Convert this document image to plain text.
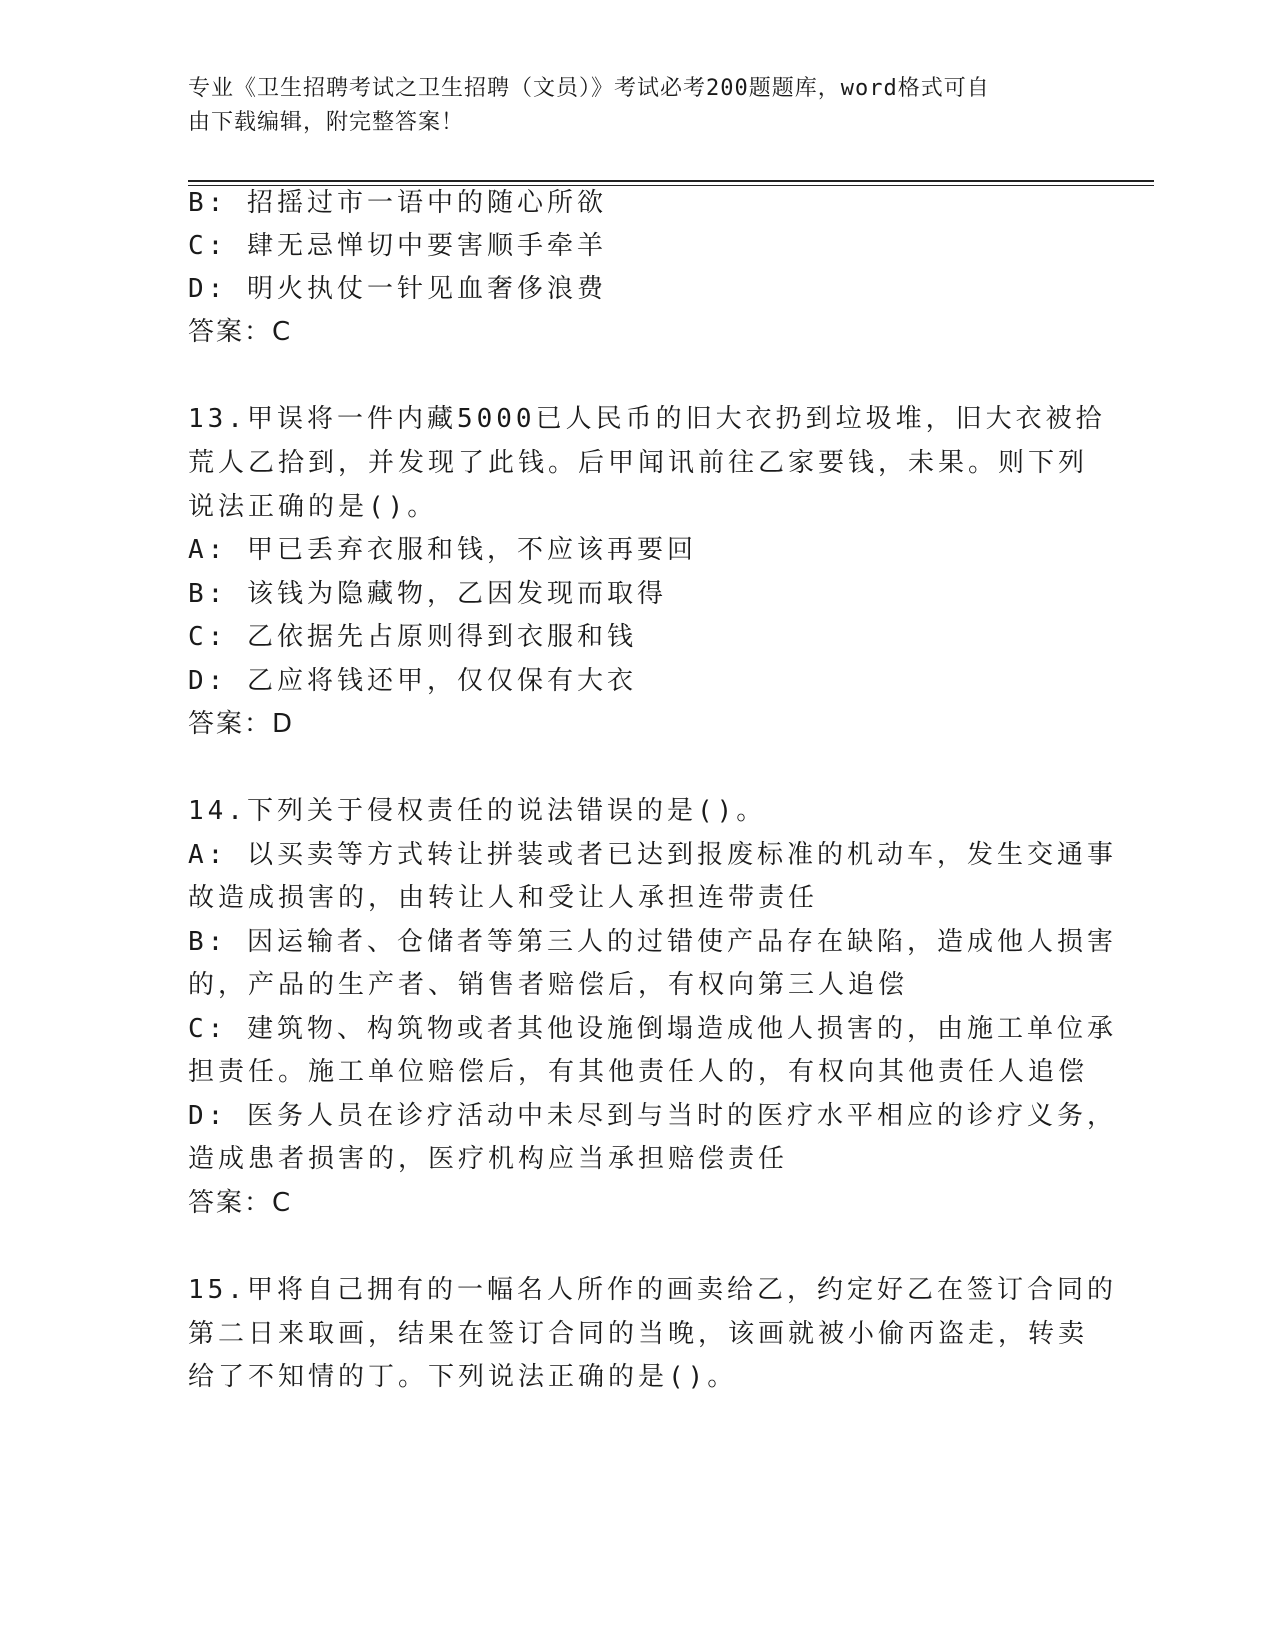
专业《卫生招聘考试之卫生招聘（文员）》考试必考200题题库，word格式可自
由下载编辑，附完整答案！
B: 招摇过市一语中的随心所欲
C: 肆无忌惮切中要害顺手牵羊
D: 明火执仗一针见血奢侈浪费
答案：C
13.甲误将一件内藏5000已人民币的旧大衣扔到垃圾堆，旧大衣被拾
荒人乙拾到，并发现了此钱。后甲闻讯前往乙家要钱，未果。则下列
说法正确的是()。
A: 甲已丢弃衣服和钱，不应该再要回
B: 该钱为隐藏物，乙因发现而取得
C: 乙依据先占原则得到衣服和钱
D: 乙应将钱还甲，仅仅保有大衣
答案：D
14.下列关于侵权责任的说法错误的是()。
A: 以买卖等方式转让拼装或者已达到报废标准的机动车，发生交通事
故造成损害的，由转让人和受让人承担连带责任
B: 因运输者、仓储者等第三人的过错使产品存在缺陷，造成他人损害
的，产品的生产者、销售者赔偿后，有权向第三人追偿
C: 建筑物、构筑物或者其他设施倒塌造成他人损害的，由施工单位承
担责任。施工单位赔偿后，有其他责任人的，有权向其他责任人追偿
D: 医务人员在诊疗活动中未尽到与当时的医疗水平相应的诊疗义务，
造成患者损害的，医疗机构应当承担赔偿责任
答案：C
15.甲将自己拥有的一幅名人所作的画卖给乙，约定好乙在签订合同的
第二日来取画，结果在签订合同的当晚，该画就被小偷丙盗走，转卖
给了不知情的丁。下列说法正确的是()。
